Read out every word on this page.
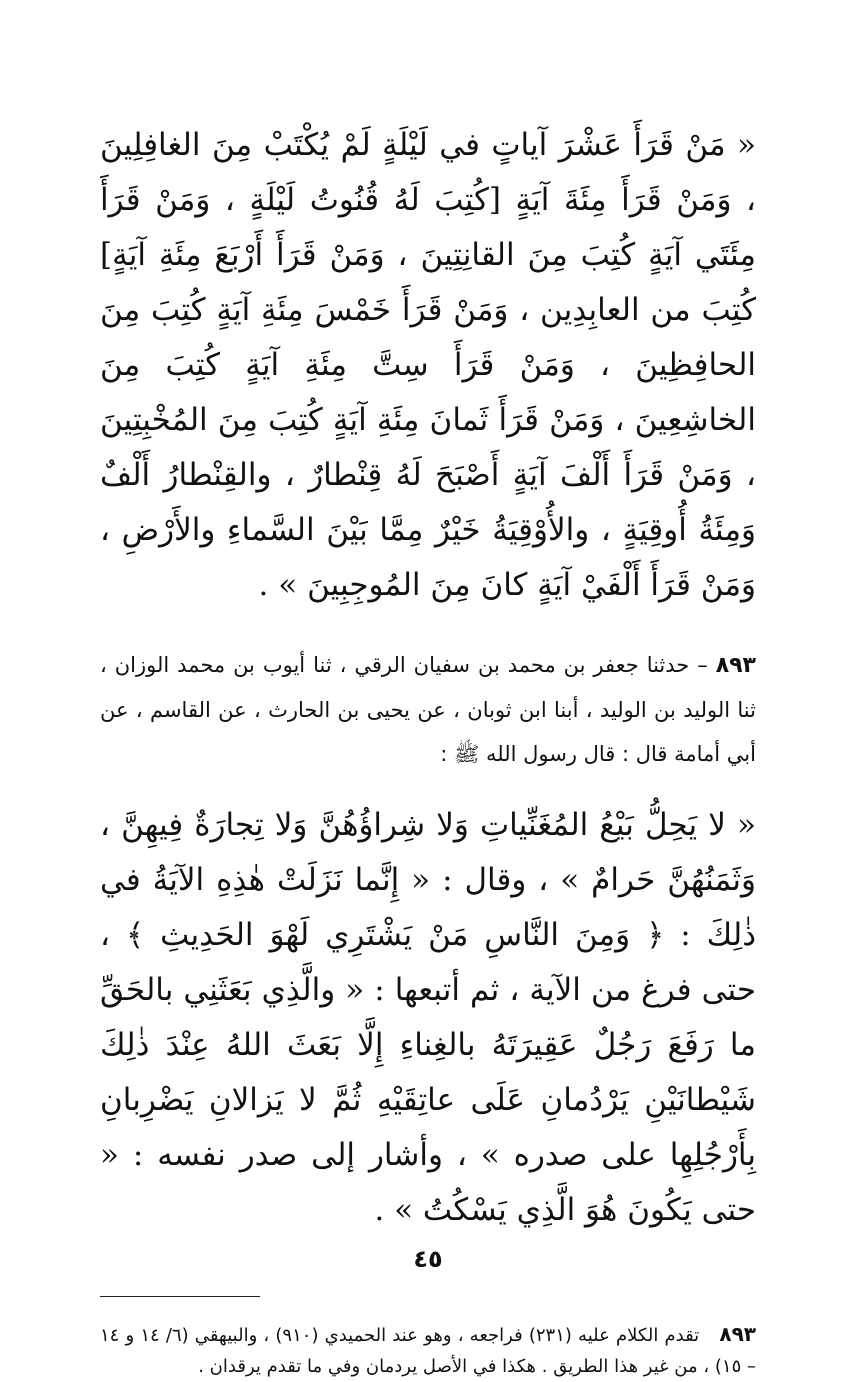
« مَنْ قَرَأَ عَشْرَ آياتٍ في لَيْلَةٍ لَمْ يُكْتَبْ مِنَ الغافِلِينَ ، وَمَنْ قَرَأَ مِئَةَ آيَةٍ [كُتِبَ لَهُ قُنُوتُ لَيْلَةٍ ، وَمَنْ قَرَأَ مِئَتَي آيَةٍ كُتِبَ مِنَ القانِتِينَ ، وَمَنْ قَرَأَ أَرْبَعَ مِئَةِ آيَةٍ] كُتِبَ من العابِدِين ، وَمَنْ قَرَأَ خَمْسَ مِئَةِ آيَةٍ كُتِبَ مِنَ الحافِظِينَ ، وَمَنْ قَرَأَ سِتَّ مِئَةِ آيَةٍ كُتِبَ مِنَ الخاشِعِينَ ، وَمَنْ قَرَأَ ثَمانَ مِئَةِ آيَةٍ كُتِبَ مِنَ المُخْبِتِينَ ، وَمَنْ قَرَأَ أَلْفَ آيَةٍ أَصْبَحَ لَهُ قِنْطارٌ ، والقِنْطارُ أَلْفٌ وَمِئَةُ أُوقِيَةٍ ، والأُوْقِيَةُ خَيْرٌ مِمَّا بَيْنَ السَّماءِ والأَرْضِ ، وَمَنْ قَرَأَ أَلْفَيْ آيَةٍ كانَ مِنَ المُوجِبِينَ » .

٨٩٣ – حدثنا جعفر بن محمد بن سفيان الرقي ، ثنا أيوب بن محمد الوزان ، ثنا الوليد بن الوليد ، أبنا ابن ثوبان ، عن يحيى بن الحارث ، عن القاسم ، عن أبي أمامة قال : قال رسول الله ﷺ :

« لا يَحِلُّ بَيْعُ المُغَنِّياتِ وَلا شِراؤُهُنَّ وَلا تِجارَةٌ فِيهِنَّ ، وَثَمَنُهُنَّ حَرامٌ » ، وقال : « إِنَّما نَزَلَتْ هٰذِهِ الآيَةُ في ذٰلِكَ : ﴿ وَمِنَ النَّاسِ مَنْ يَشْتَرِي لَهْوَ الحَدِيثِ ﴾ ، حتى فرغ من الآية ، ثم أتبعها : « والَّذِي بَعَثَنِي بالحَقِّ ما رَفَعَ رَجُلٌ عَقِيرَتَهُ بالغِناءِ إِلَّا بَعَثَ اللهُ عِنْدَ ذٰلِكَ شَيْطانَيْنِ يَرْدُمانِ عَلَى عاتِقَيْهِ ثُمَّ لا يَزالانِ يَضْرِبانِ بِأَرْجُلِهِا على صدره » ، وأشار إلى صدر نفسه : « حتى يَكُونَ هُوَ الَّذِي يَسْكُتُ » .

٨٩٣ تقدم الكلام عليه (٢٣١) فراجعه ، وهو عند الحميدي (٩١٠) ، والبيهقي (٦/ ١٤ و ١٤ – ١٥) ، من غير هذا الطريق . هكذا في الأصل يردمان وفي ما تقدم يرقدان .

٤٥
